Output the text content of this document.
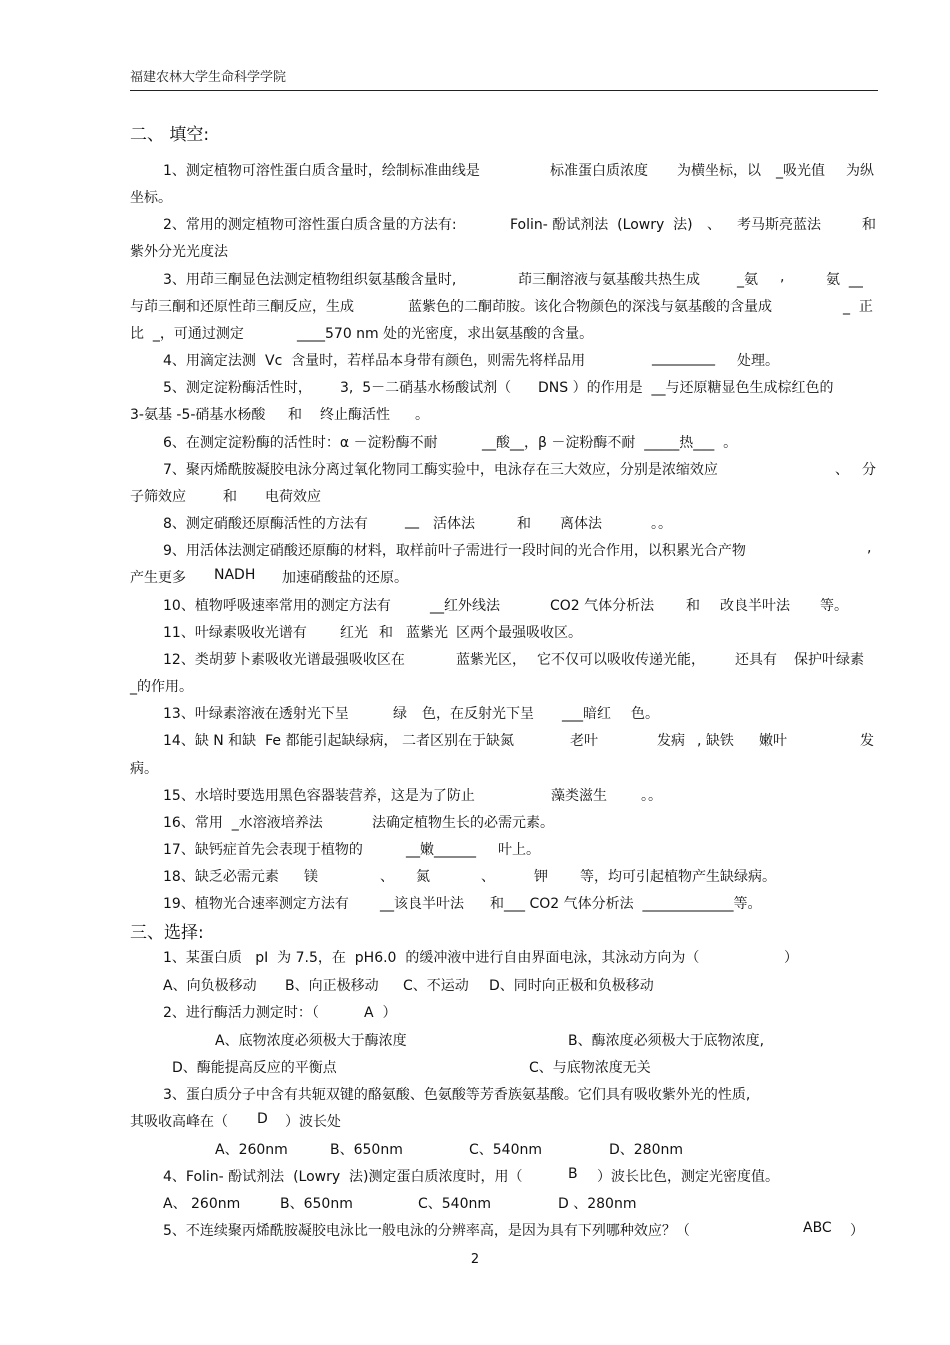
福建农林大学生命科学学院
二、 填空:
1、测定植物可溶性蛋白质含量时，绘制标准曲线是	标准蛋白质浓度 为横坐标，以 _吸光值 为纵
坐标。
2、常用的测定植物可溶性蛋白质含量的方法有:	Folin- 酚试剂法  (Lowry  法) 、 考马斯亮蓝法	和
紫外分光光度法
3、用茚三酮显色法测定植物组织氨基酸含量时,	茚三酮溶液与氨基酸共热生成	_氨 ,	氨  __
与茚三酮和还原性茚三酮反应，生成	蓝紫色的二酮茚胺。该化合物颜色的深浅与氨基酸的含量成	_  正
比  _，可通过测定	____570 nm 处的光密度，求出氨基酸的含量。
4、用滴定法测 Vc  含量时，若样品本身带有颜色，则需先将样品用	_________ 处理。
5、测定淀粉酶活性时， 3,  5－二硝基水杨酸试剂（ DNS ）的作用是  __与还原糖显色生成棕红色的
3-氨基 -5-硝基水杨酸 和 终止酶活性 。
6、在测定淀粉酶的活性时：α －淀粉酶不耐	__酸__，β －淀粉酶不耐  _____热___  。
7、聚丙烯酰胺凝胶电泳分离过氧化物同工酶实验中，电泳存在三大效应，分别是浓缩效应	、 分
子筛效应	和 电荷效应
8、测定硝酸还原酶活性的方法有	__ 活体法	和 离体法	。。
9、用活体法测定硝酸还原酶的材料，取样前叶子需进行一段时间的光合作用，以积累光合产物	,
产生更多 NADH 加速硝酸盐的还原。
10、植物呼吸速率常用的测定方法有	__红外线法	CO2 气体分析法 和 改良半叶法 等。
11、叶绿素吸收光谱有 红光 和 蓝紫光 区两个最强吸收区。
12、类胡萝卜素吸收光谱最强吸收区在	蓝紫光区， 它不仅可以吸收传递光能， 还具有 保护叶绿素
_的作用。
13、叶绿素溶液在透射光下呈	绿 色，在反射光下呈 ___暗红 色。
14、缺 N 和缺  Fe 都能引起缺绿病， 二者区别在于缺氮	老叶	发病 , 缺铁 嫩叶	发
病。
15、水培时要选用黑色容器装营养，这是为了防止	藻类滋生 。。
16、常用  _水溶液培养法	法确定植物生长的必需元素。
17、缺钙症首先会表现于植物的	__嫩______ 叶上。
18、缺乏必需元素 镁	、 氮	、	钾 等，均可引起植物产生缺绿病。
19、植物光合速率测定方法有 __该良半叶法 和___ CO2 气体分析法  _____________等。
三、选择:
1、某蛋白质   pI  为 7.5，在  pH6.0  的缓冲液中进行自由界面电泳，其泳动方向为（	）
A、向负极移动 B、向正极移动 C、不运动 D、同时向正极和负极移动
2、进行酶活力测定时：（	A  ）
A、底物浓度必须极大于酶浓度	B、酶浓度必须极大于底物浓度,
D、酶能提高反应的平衡点	C、与底物浓度无关
3、蛋白质分子中含有共轭双键的酪氨酸、色氨酸等芳香族氨基酸。它们具有吸收紫外光的性质,
其吸收高峰在（ D ）波长处
A、260nm	B、650nm	C、540nm	D、280nm
4、Folin- 酚试剂法  (Lowry  法)测定蛋白质浓度时，用（	B ）波长比色，测定光密度值。
A、 260nm	B、650nm	C、540nm	D 、280nm
5、不连续聚丙烯酰胺凝胶电泳比一般电泳的分辨率高，是因为具有下列哪种效应？（	ABC ）
2
